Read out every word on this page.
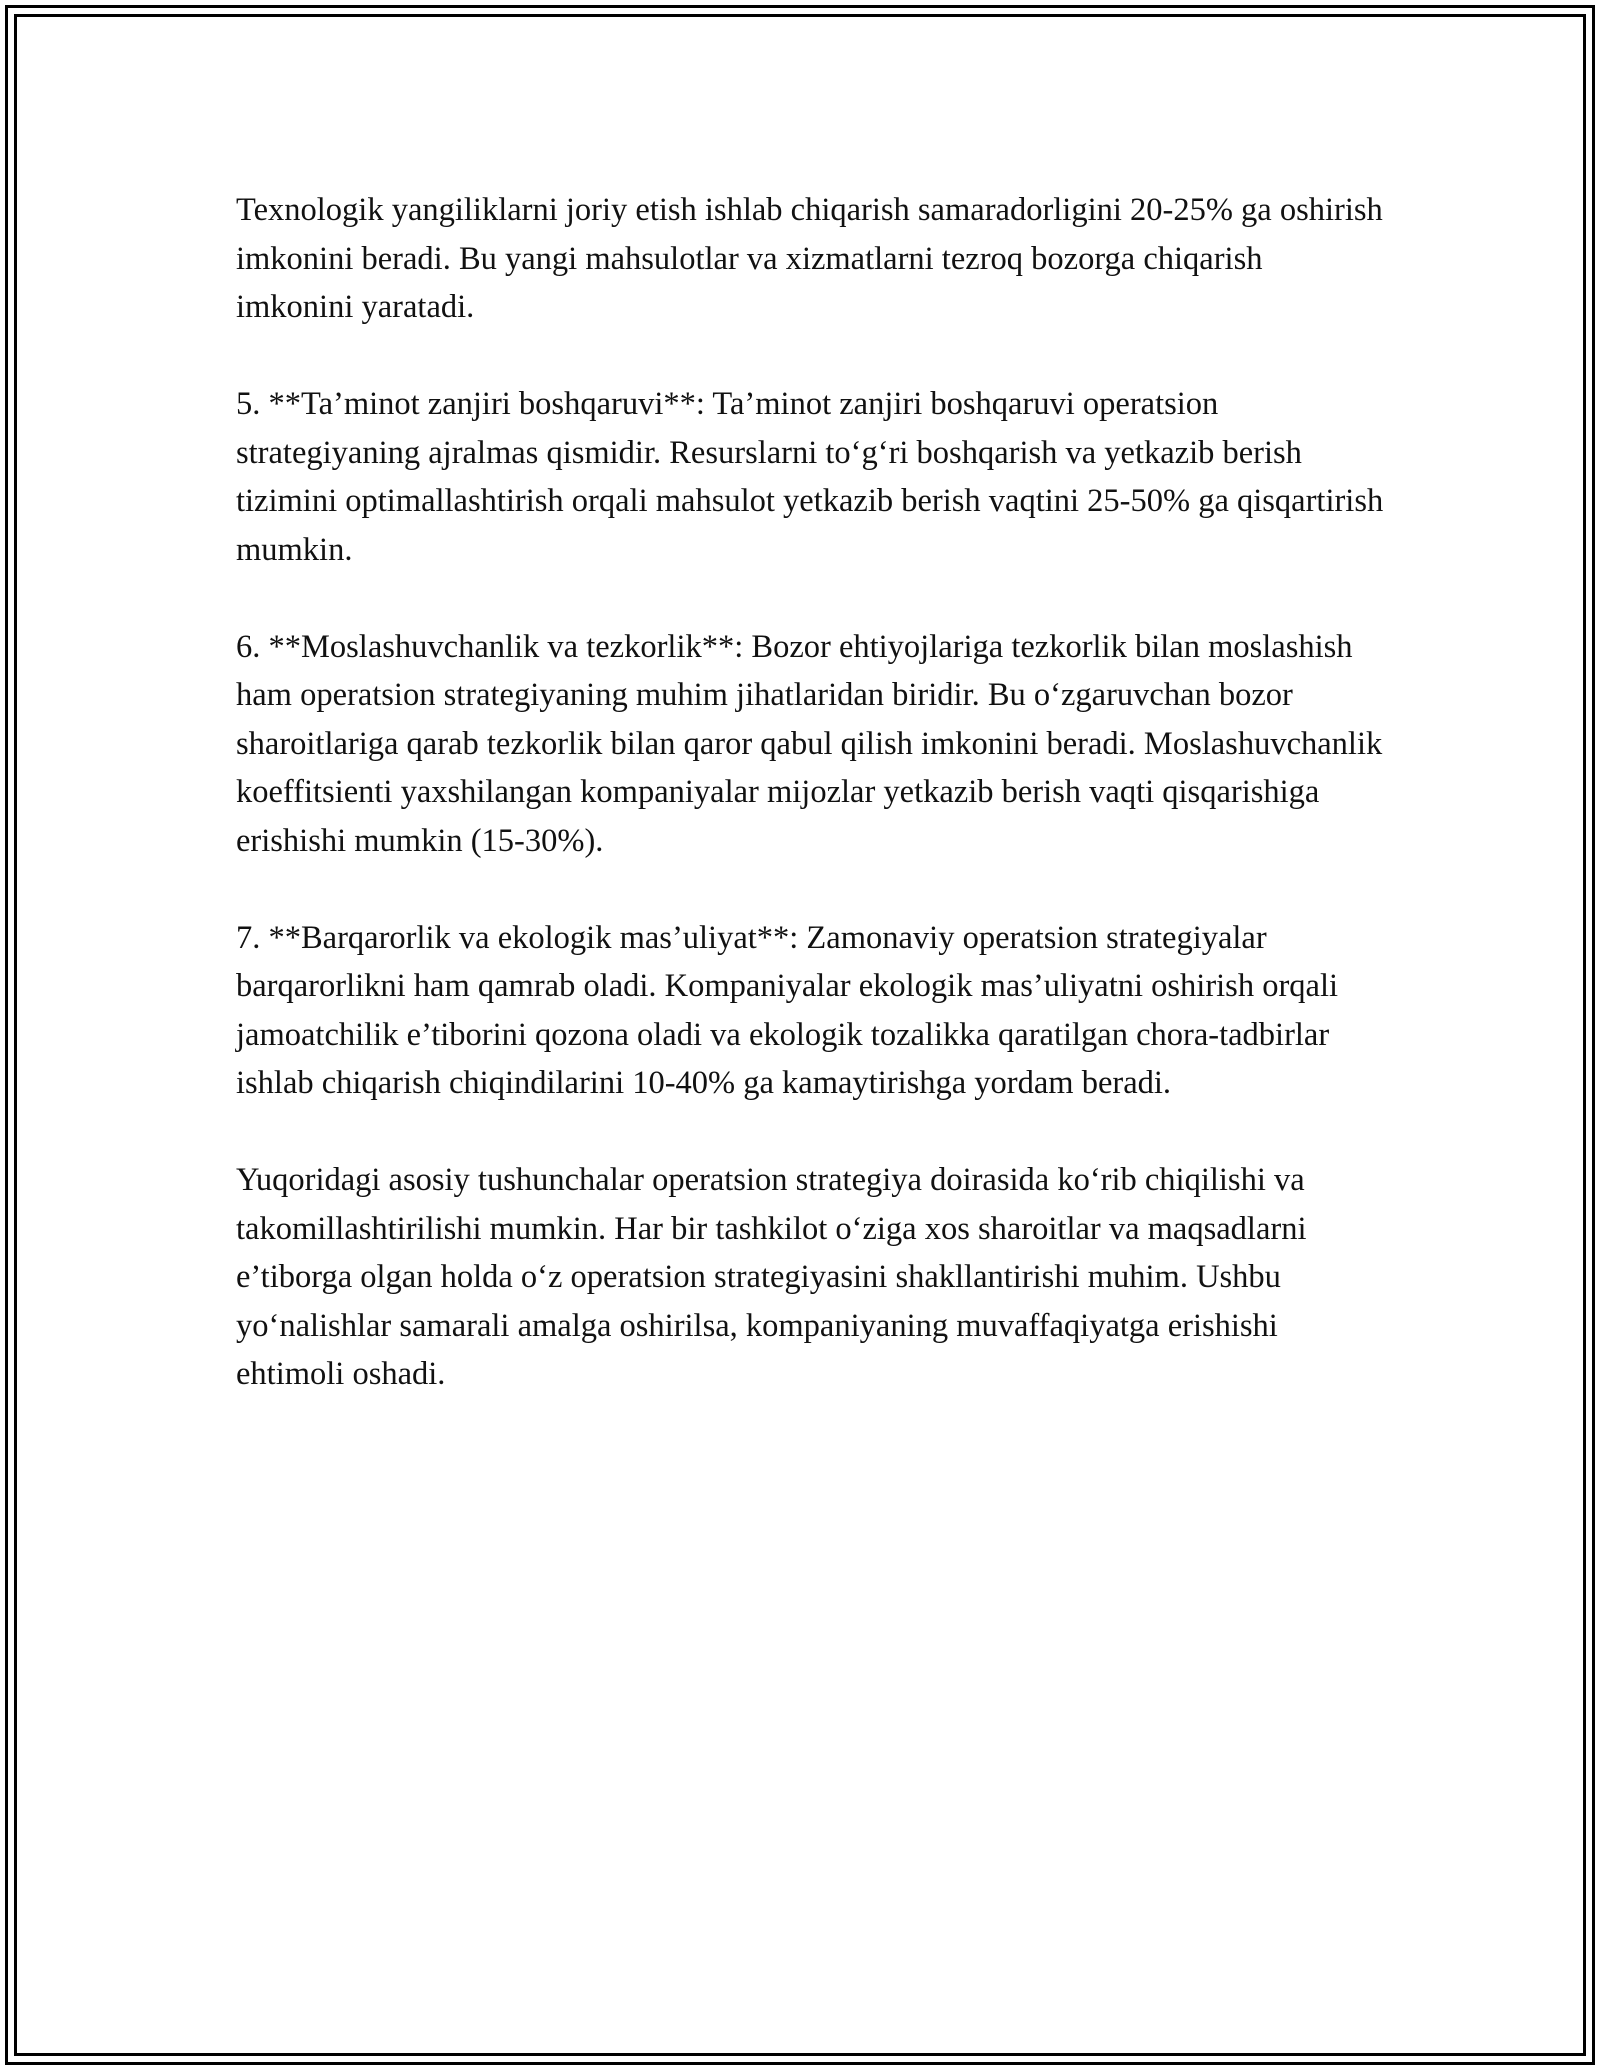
Texnologik yangiliklarni joriy etish ishlab chiqarish samaradorligini 20-25% ga oshirish imkonini beradi. Bu yangi mahsulotlar va xizmatlarni tezroq bozorga chiqarish imkonini yaratadi.

5. **Ta’minot zanjiri boshqaruvi**: Ta’minot zanjiri boshqaruvi operatsion strategiyaning ajralmas qismidir. Resurslarni to‘g‘ri boshqarish va yetkazib berish tizimini optimallashtirish orqali mahsulot yetkazib berish vaqtini 25-50% ga qisqartirish mumkin.

6. **Moslashuvchanlik va tezkorlik**: Bozor ehtiyojlariga tezkorlik bilan moslashish ham operatsion strategiyaning muhim jihatlaridan biridir. Bu o‘zgaruvchan bozor sharoitlariga qarab tezkorlik bilan qaror qabul qilish imkonini beradi. Moslashuvchanlik koeffitsienti yaxshilangan kompaniyalar mijozlar yetkazib berish vaqti qisqarishiga erishishi mumkin (15-30%).

7. **Barqarorlik va ekologik mas’uliyat**: Zamonaviy operatsion strategiyalar barqarorlikni ham qamrab oladi. Kompaniyalar ekologik mas’uliyatni oshirish orqali jamoatchilik e’tiborini qozona oladi va ekologik tozalikka qaratilgan chora-tadbirlar ishlab chiqarish chiqindilarini 10-40% ga kamaytirishga yordam beradi.

Yuqoridagi asosiy tushunchalar operatsion strategiya doirasida ko‘rib chiqilishi va takomillashtirilishi mumkin. Har bir tashkilot o‘ziga xos sharoitlar va maqsadlarni e’tiborga olgan holda o‘z operatsion strategiyasini shakllantirishi muhim. Ushbu yo‘nalishlar samarali amalga oshirilsa, kompaniyaning muvaffaqiyatga erishishi ehtimoli oshadi.
